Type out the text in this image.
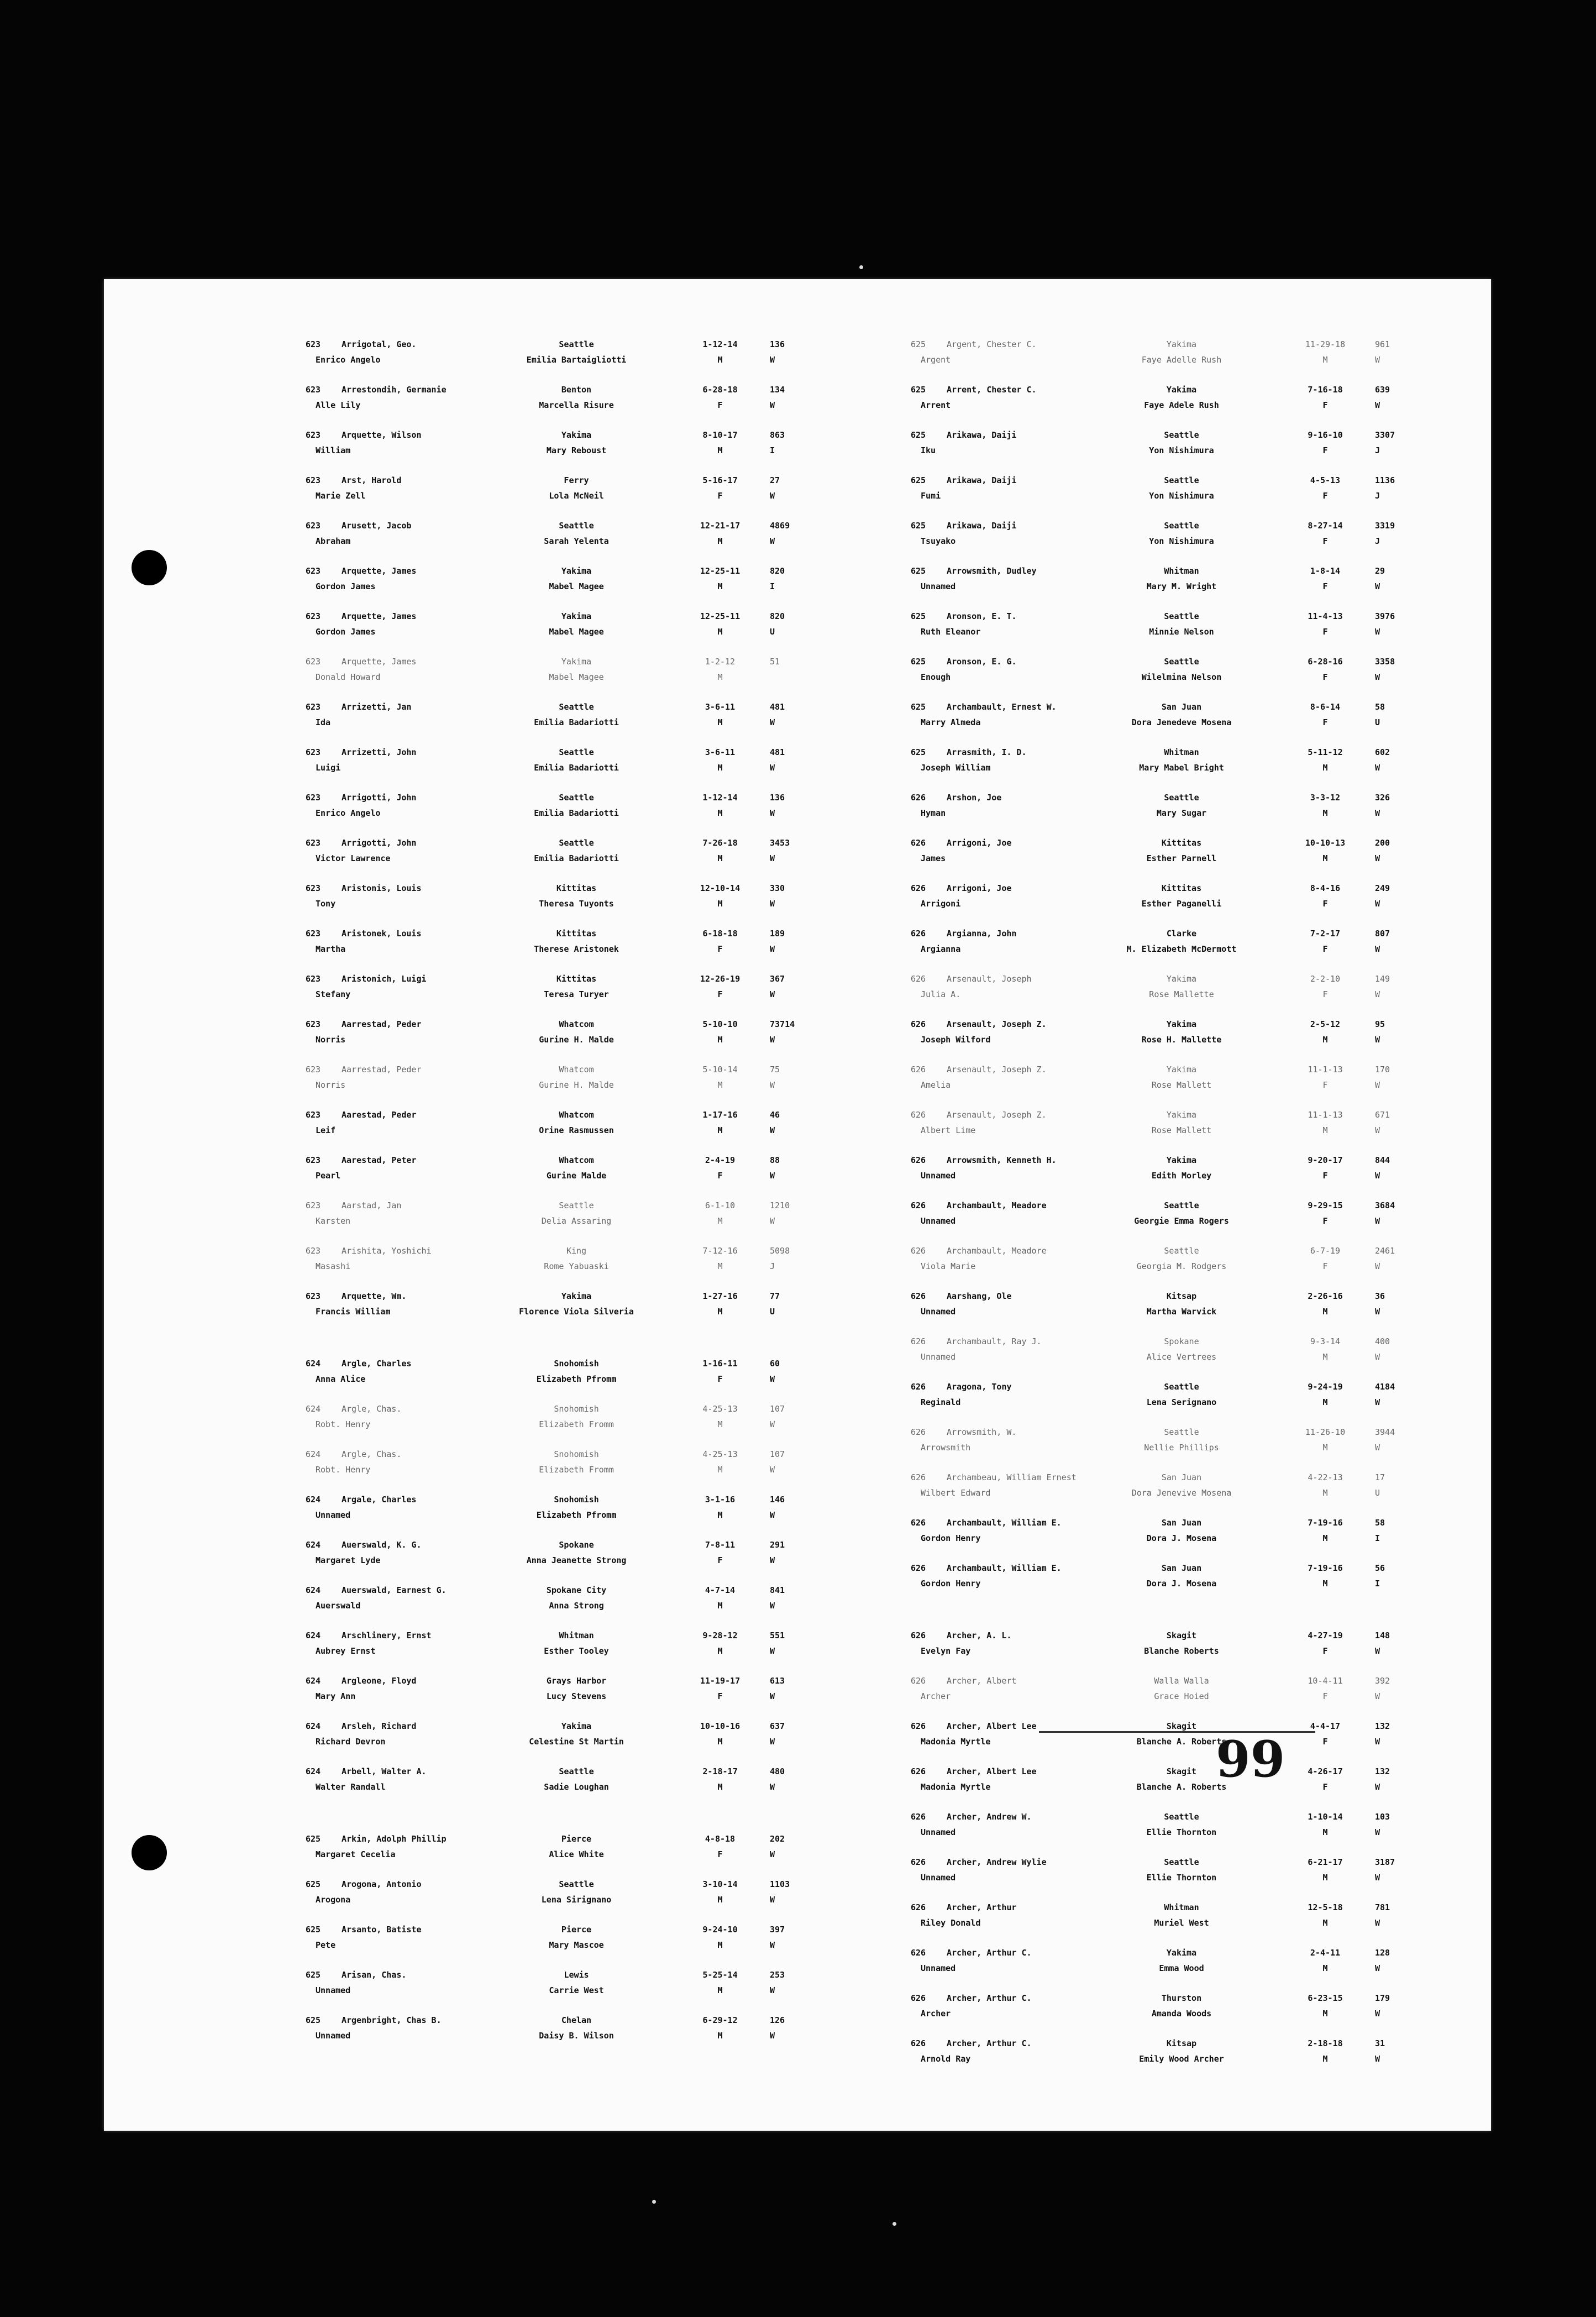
623	Arrigotal, Geo.
Enrico Angelo
Seattle
Emilia Bartaigliotti
1-12-14
M
136
W
623	Arrestondih, Germanie
Alle Lily
Benton
Marcella Risure
6-28-18
F
134
W
623	Arquette, Wilson
William
Yakima
Mary Reboust
8-10-17
M
863
I
623	Arst, Harold
Marie Zell
Ferry
Lola McNeil
5-16-17
F
27
W
623	Arusett, Jacob
Abraham
Seattle
Sarah Yelenta
12-21-17
M
4869
W
623	Arquette, James
Gordon James
Yakima
Mabel Magee
12-25-11
M
820
I
623	Arquette, James
Gordon James
Yakima
Mabel Magee
12-25-11
M
820
U
623	Arquette, James
Donald Howard
Yakima
Mabel Magee
1-2-12
M
51
623	Arrizetti, Jan
Ida
Seattle
Emilia Badariotti
3-6-11
M
481
W
623	Arrizetti, John
Luigi
Seattle
Emilia Badariotti
3-6-11
M
481
W
623	Arrigotti, John
Enrico Angelo
Seattle
Emilia Badariotti
1-12-14
M
136
W
623	Arrigotti, John
Victor Lawrence
Seattle
Emilia Badariotti
7-26-18
M
3453
W
623	Aristonis, Louis
Tony
Kittitas
Theresa Tuyonts
12-10-14
M
330
W
623	Aristonek, Louis
Martha
Kittitas
Therese Aristonek
6-18-18
F
189
W
623	Aristonich, Luigi
Stefany
Kittitas
Teresa Turyer
12-26-19
F
367
W
623	Aarrestad, Peder
Norris
Whatcom
Gurine H. Malde
5-10-10
M
73714
W
623	Aarrestad, Peder
Norris
Whatcom
Gurine H. Malde
5-10-14
M
75
W
623	Aarestad, Peder
Leif
Whatcom
Orine Rasmussen
1-17-16
M
46
W
623	Aarestad, Peter
Pearl
Whatcom
Gurine Malde
2-4-19
F
88
W
623	Aarstad, Jan
Karsten
Seattle
Delia Assaring
6-1-10
M
1210
W
623	Arishita, Yoshichi
Masashi
King
Rome Yabuaski
7-12-16
M
5098
J
623	Arquette, Wm.
Francis William
Yakima
Florence Viola Silveria
1-27-16
M
77
U
624	Argle, Charles
Anna Alice
Snohomish
Elizabeth Pfromm
1-16-11
F
60
W
624	Argle, Chas.
Robt. Henry
Snohomish
Elizabeth Fromm
4-25-13
M
107
W
624	Argle, Chas.
Robt. Henry
Snohomish
Elizabeth Fromm
4-25-13
M
107
W
624	Argale, Charles
Unnamed
Snohomish
Elizabeth Pfromm
3-1-16
M
146
W
624	Auerswald, K. G.
Margaret Lyde
Spokane
Anna Jeanette Strong
7-8-11
F
291
W
624	Auerswald, Earnest G.
Auerswald
Spokane City
Anna Strong
4-7-14
M
841
W
624	Arschlinery, Ernst
Aubrey Ernst
Whitman
Esther Tooley
9-28-12
M
551
W
624	Argleone, Floyd
Mary Ann
Grays Harbor
Lucy Stevens
11-19-17
F
613
W
624	Arsleh, Richard
Richard Devron
Yakima
Celestine St Martin
10-10-16
M
637
W
624	Arbell, Walter A.
Walter Randall
Seattle
Sadie Loughan
2-18-17
M
480
W
625	Arkin, Adolph Phillip
Margaret Cecelia
Pierce
Alice White
4-8-18
F
202
W
625	Arogona, Antonio
Arogona
Seattle
Lena Sirignano
3-10-14
M
1103
W
625	Arsanto, Batiste
Pete
Pierce
Mary Mascoe
9-24-10
M
397
W
625	Arisan, Chas.
Unnamed
Lewis
Carrie West
5-25-14
M
253
W
625	Argenbright, Chas B.
Unnamed
Chelan
Daisy B. Wilson
6-29-12
M
126
W
625	Argent, Chester C.
Argent
Yakima
Faye Adelle Rush
11-29-18
M
961
W
625	Arrent, Chester C.
Arrent
Yakima
Faye Adele Rush
7-16-18
F
639
W
625	Arikawa, Daiji
Iku
Seattle
Yon Nishimura
9-16-10
F
3307
J
625	Arikawa, Daiji
Fumi
Seattle
Yon Nishimura
4-5-13
F
1136
J
625	Arikawa, Daiji
Tsuyako
Seattle
Yon Nishimura
8-27-14
F
3319
J
625	Arrowsmith, Dudley
Unnamed
Whitman
Mary M. Wright
1-8-14
F
29
W
625	Aronson, E. T.
Ruth Eleanor
Seattle
Minnie Nelson
11-4-13
F
3976
W
625	Aronson, E. G.
Enough
Seattle
Wilelmina Nelson
6-28-16
F
3358
W
625	Archambault, Ernest W.
Marry Almeda
San Juan
Dora Jenedeve Mosena
8-6-14
F
58
U
625	Arrasmith, I. D.
Joseph William
Whitman
Mary Mabel Bright
5-11-12
M
602
W
626	Arshon, Joe
Hyman
Seattle
Mary Sugar
3-3-12
M
326
W
626	Arrigoni, Joe
James
Kittitas
Esther Parnell
10-10-13
M
200
W
626	Arrigoni, Joe
Arrigoni
Kittitas
Esther Paganelli
8-4-16
F
249
W
626	Argianna, John
Argianna
Clarke
M. Elizabeth McDermott
7-2-17
F
807
W
626	Arsenault, Joseph
Julia A.
Yakima
Rose Mallette
2-2-10
F
149
W
626	Arsenault, Joseph Z.
Joseph Wilford
Yakima
Rose H. Mallette
2-5-12
M
95
W
626	Arsenault, Joseph Z.
Amelia
Yakima
Rose Mallett
11-1-13
F
170
W
626	Arsenault, Joseph Z.
Albert Lime
Yakima
Rose Mallett
11-1-13
M
671
W
626	Arrowsmith, Kenneth H.
Unnamed
Yakima
Edith Morley
9-20-17
F
844
W
626	Archambault, Meadore
Unnamed
Seattle
Georgie Emma Rogers
9-29-15
F
3684
W
626	Archambault, Meadore
Viola Marie
Seattle
Georgia M. Rodgers
6-7-19
F
2461
W
626	Aarshang, Ole
Unnamed
Kitsap
Martha Warvick
2-26-16
M
36
W
626	Archambault, Ray J.
Unnamed
Spokane
Alice Vertrees
9-3-14
M
400
W
626	Aragona, Tony
Reginald
Seattle
Lena Serignano
9-24-19
M
4184
W
626	Arrowsmith, W.
Arrowsmith
Seattle
Nellie Phillips
11-26-10
M
3944
W
626	Archambeau, William Ernest
Wilbert Edward
San Juan
Dora Jenevive Mosena
4-22-13
M
17
U
626	Archambault, William E.
Gordon Henry
San Juan
Dora J. Mosena
7-19-16
M
58
I
626	Archambault, William E.
Gordon Henry
San Juan
Dora J. Mosena
7-19-16
M
56
I
626	Archer, A. L.
Evelyn Fay
Skagit
Blanche Roberts
4-27-19
F
148
W
626	Archer, Albert
Archer
Walla Walla
Grace Hoied
10-4-11
F
392
W
626	Archer, Albert Lee
Madonia Myrtle
Skagit
Blanche A. Roberts
4-4-17
F
132
W
626	Archer, Albert Lee
Madonia Myrtle
Skagit
Blanche A. Roberts
4-26-17
F
132
W
626	Archer, Andrew W.
Unnamed
Seattle
Ellie Thornton
1-10-14
M
103
W
626	Archer, Andrew Wylie
Unnamed
Seattle
Ellie Thornton
6-21-17
M
3187
W
626	Archer, Arthur
Riley Donald
Whitman
Muriel West
12-5-18
M
781
W
626	Archer, Arthur C.
Unnamed
Yakima
Emma Wood
2-4-11
M
128
W
626	Archer, Arthur C.
Archer
Thurston
Amanda Woods
6-23-15
M
179
W
626	Archer, Arthur C.
Arnold Ray
Kitsap
Emily Wood Archer
2-18-18
M
31
W
99
